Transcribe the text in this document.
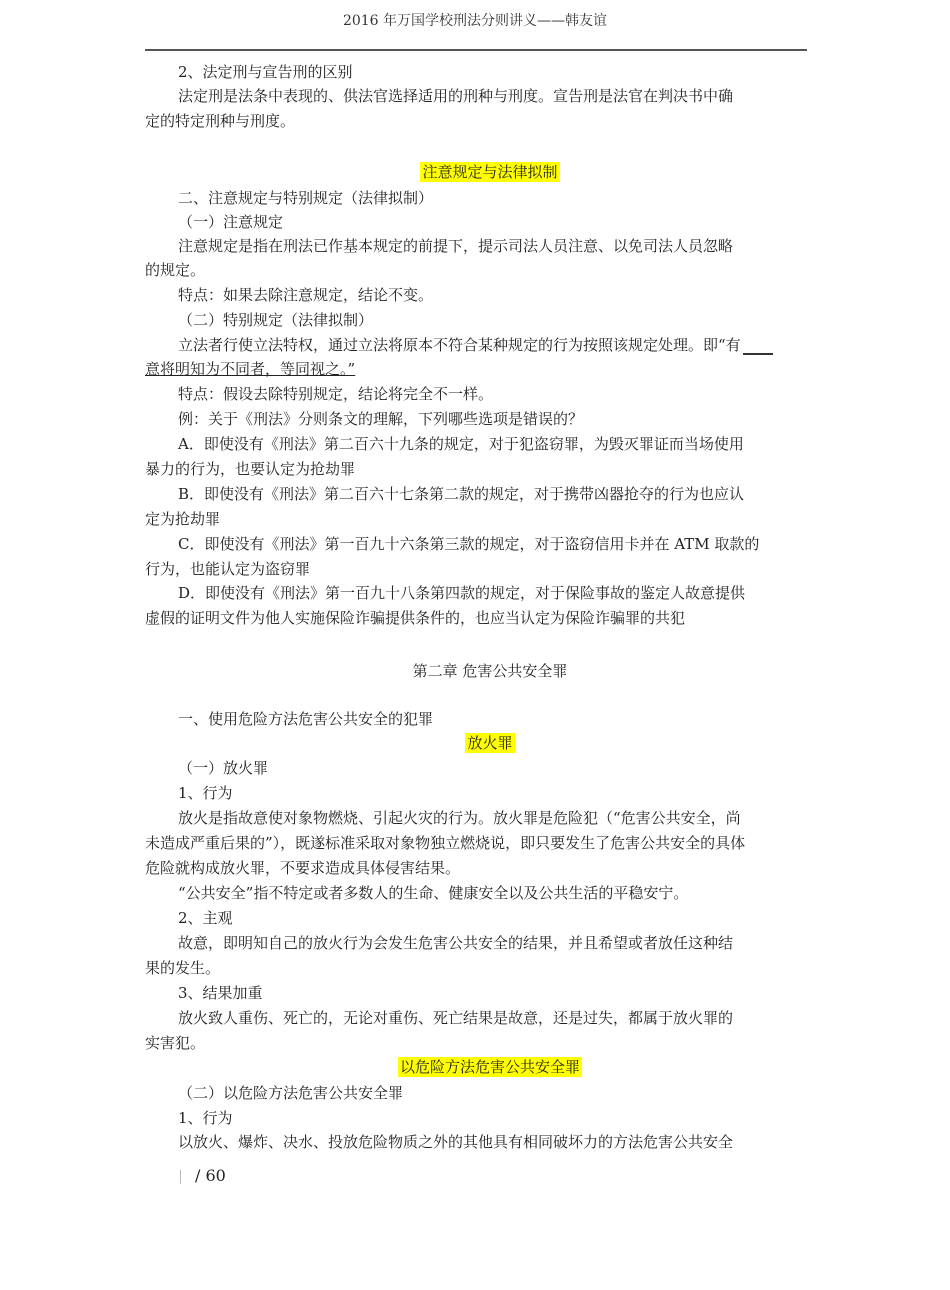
2016 年万国学校刑法分则讲义——韩友谊
2、法定刑与宣告刑的区别
法定刑是法条中表现的、供法官选择适用的刑种与刑度。宣告刑是法官在判决书中确
定的特定刑种与刑度。
二、注意规定与特别规定（法律拟制）
（一）注意规定
注意规定是指在刑法已作基本规定的前提下，提示司法人员注意、以免司法人员忽略
的规定。
特点：如果去除注意规定，结论不变。
（二）特别规定（法律拟制）
特点：假设去除特别规定，结论将完全不一样。
例：关于《刑法》分则条文的理解，下列哪些选项是错误的？
A．即使没有《刑法》第二百六十九条的规定，对于犯盗窃罪，为毁灭罪证而当场使用
暴力的行为，也要认定为抢劫罪
B．即使没有《刑法》第二百六十七条第二款的规定，对于携带凶器抢夺的行为也应认
定为抢劫罪
C．即使没有《刑法》第一百九十六条第三款的规定，对于盗窃信用卡并在 ATM 取款的
行为，也能认定为盗窃罪
D．即使没有《刑法》第一百九十八条第四款的规定，对于保险事故的鉴定人故意提供
虚假的证明文件为他人实施保险诈骗提供条件的，也应当认定为保险诈骗罪的共犯
第二章 危害公共安全罪
一、使用危险方法危害公共安全的犯罪
（一）放火罪
1、行为
放火是指故意使对象物燃烧、引起火灾的行为。放火罪是危险犯（“危害公共安全，尚
未造成严重后果的”），既遂标准采取对象物独立燃烧说，即只要发生了危害公共安全的具体
危险就构成放火罪，不要求造成具体侵害结果。
“公共安全”指不特定或者多数人的生命、健康安全以及公共生活的平稳安宁。
2、主观
故意，即明知自己的放火行为会发生危害公共安全的结果，并且希望或者放任这种结
果的发生。
3、结果加重
放火致人重伤、死亡的，无论对重伤、死亡结果是故意，还是过失，都属于放火罪的
实害犯。
（二）以危险方法危害公共安全罪
1、行为
以放火、爆炸、决水、投放危险物质之外的其他具有相同破坏力的方法危害公共安全
注意规定与法律拟制
放火罪
以危险方法危害公共安全罪
立法者行使立法特权，通过立法将原本不符合某种规定的行为按照该规定处理。即“有
意将明知为不同者，等同视之。”
/ 60
